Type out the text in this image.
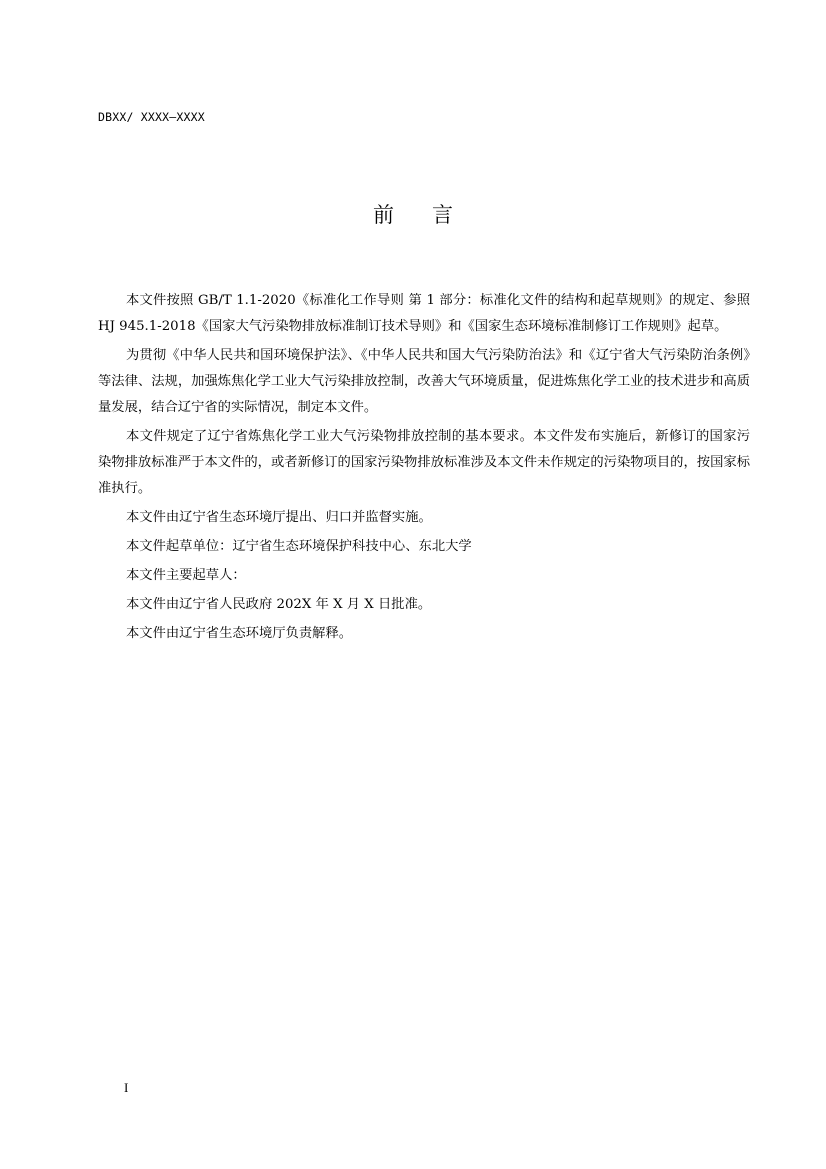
DBXX/ XXXX—XXXX
前言

本文件按照 GB/T 1.1-2020《标准化工作导则 第 1 部分：标准化文件的结构和起草规则》的规定、参照 HJ 945.1-2018《国家大气污染物排放标准制订技术导则》和《国家生态环境标准制修订工作规则》起草。

为贯彻《中华人民共和国环境保护法》、《中华人民共和国大气污染防治法》和《辽宁省大气污染防治条例》等法律、法规，加强炼焦化学工业大气污染排放控制，改善大气环境质量，促进炼焦化学工业的技术进步和高质量发展，结合辽宁省的实际情况，制定本文件。

本文件规定了辽宁省炼焦化学工业大气污染物排放控制的基本要求。本文件发布实施后，新修订的国家污染物排放标准严于本文件的，或者新修订的国家污染物排放标准涉及本文件未作规定的污染物项目的，按国家标准执行。

本文件由辽宁省生态环境厅提出、归口并监督实施。

本文件起草单位：辽宁省生态环境保护科技中心、东北大学

本文件主要起草人：

本文件由辽宁省人民政府 202X 年 X 月 X 日批准。

本文件由辽宁省生态环境厅负责解释。

I
